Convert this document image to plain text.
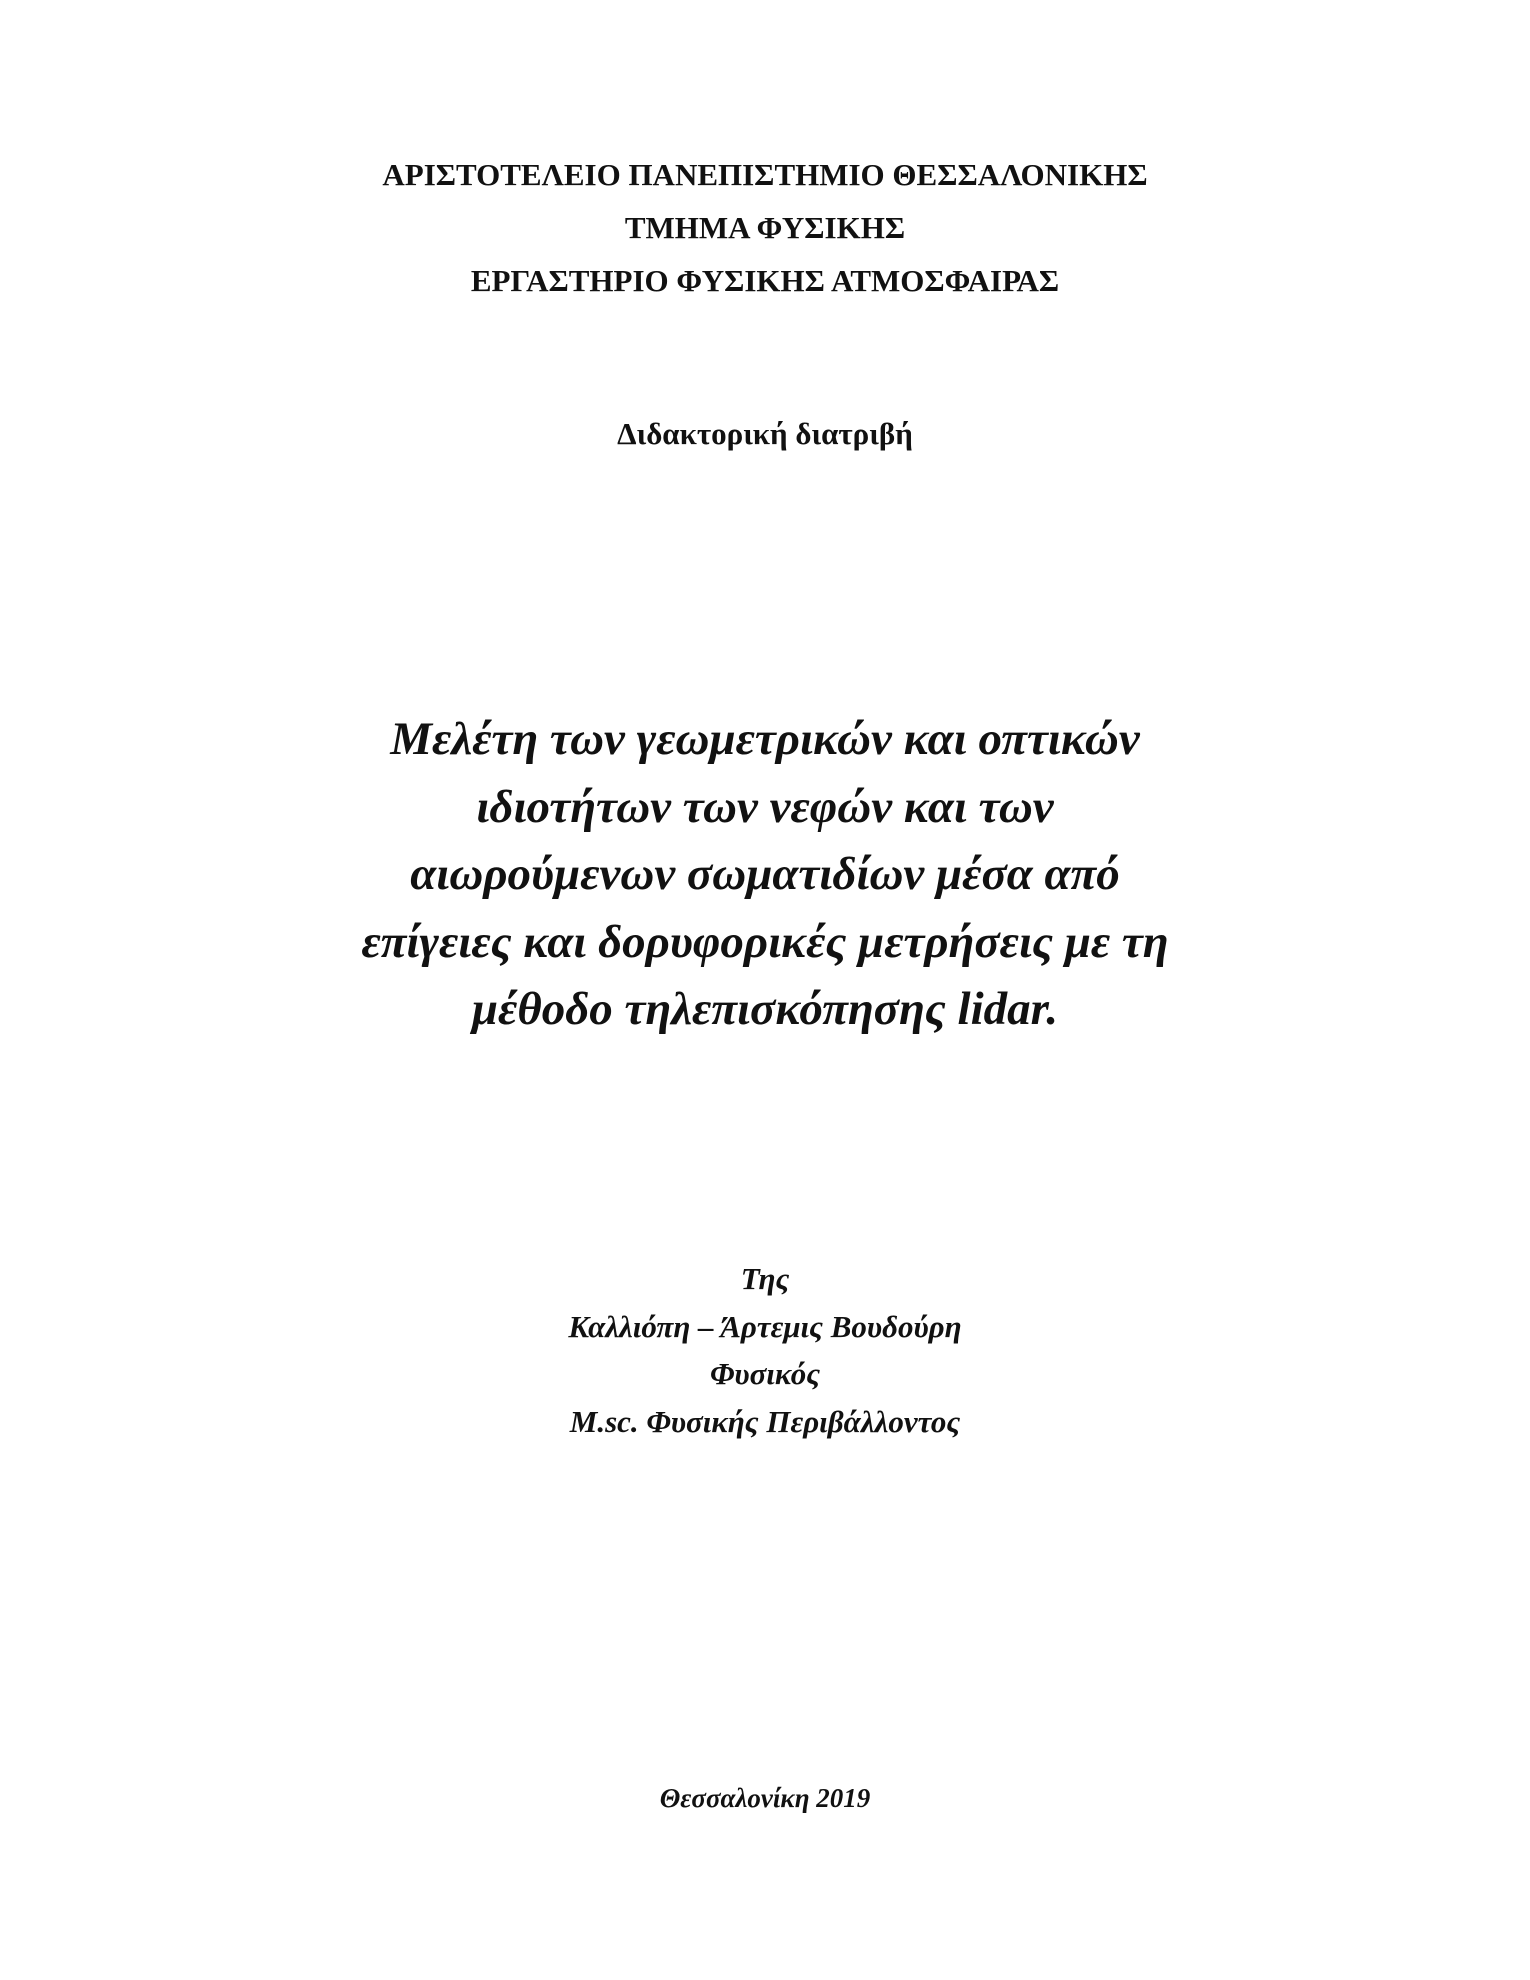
ΑΡΙΣΤΟΤΕΛΕΙΟ ΠΑΝΕΠΙΣΤΗΜΙΟ ΘΕΣΣΑΛΟΝΙΚΗΣ
ΤΜΗΜΑ ΦΥΣΙΚΗΣ
ΕΡΓΑΣΤΗΡΙΟ ΦΥΣΙΚΗΣ ΑΤΜΟΣΦΑΙΡΑΣ
Διδακτορική διατριβή
Μελέτη των γεωμετρικών και οπτικών
ιδιοτήτων των νεφών και των
αιωρούμενων σωματιδίων μέσα από
επίγειες και δορυφορικές μετρήσεις με τη
μέθοδο τηλεπισκόπησης lidar.
Της
Καλλιόπη – Άρτεμις Βουδούρη
Φυσικός
M.sc. Φυσικής Περιβάλλοντος
Θεσσαλονίκη 2019
